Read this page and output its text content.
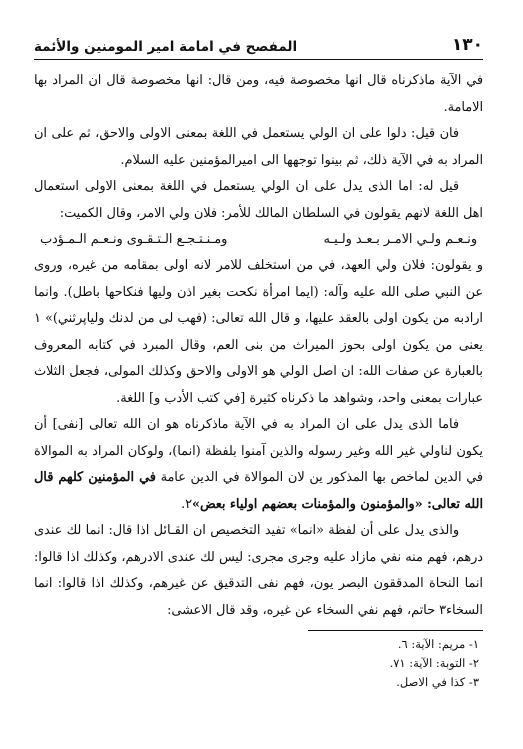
١٣٠
المفصح في امامة امير المومنين والأئمة

في الآية ماذكرناه قال انها مخصوصة فيه، ومن قال: انها مخصوصة قال ان المراد بها الامامة.

فان قيل: دلوا على ان الولي يستعمل في اللغة بمعنى الاولى والاحق، ثم على ان المراد به في الآية ذلك، ثم بينوا توجهها الى اميرالمؤمنين عليه السلام.

قيل له: اما الذى يدل على ان الولي يستعمل في اللغة بمعنى الاولى استعمال اهل اللغة لانهم يقولون في السلطان المالك للأمر: فلان ولي الامر، وقال الكميت:

ونـعـم ولـي الامـر بـعـد ولـيـه
ومـنـتـجـع الـتـقـوى ونـعـم الـمـؤدب

و يقولون: فلان ولي العهد، في من استخلف للامر لانه اولى بمقامه من غيره، وروى عن النبي صلى الله عليه وآله: (ايما امرأة نكحت بغير اذن وليها فنكاحها باطل). وانما ارادبه من يكون اولى بالعقد عليها، و قال الله تعالى: (فهب لى من لدنك ولياپرثني)» ١ يعنى من يكون اولى بحوز الميراث من بنى العم، وقال المبرد في كتابه المعروف بالعبارة عن صفات الله: ان اصل الولي هو الاولى والاحق وكذلك المولى، فجعل الثلاث عبارات بمعنى واحد، وشواهد ما ذكرناه كثيرة [في كتب الأدب و] اللغة.

فاما الذى يدل على ان المراد به في الآية ماذكرناه هو ان الله تعالى [نفى] أن يكون لناولي غير الله وغير رسوله والذين آمنوا بلفظة (انما)، ولوكان المراد به الموالاة في الدين لماخص بها المذكور ين لان الموالاة في الدين عامة في المؤمنين كلهم قال الله تعالى: «والمؤمنون والمؤمنات بعضهم اولياء بعض»٢.

والذى يدل على أن لفظة «انما» تفيد التخصيص ان القـائل اذا قال: انما لك عندى درهم، فهم منه نفي مازاد عليه وجرى مجرى: ليس لك عندى الادرهم، وكذلك اذا قالوا: انما النحاة المدققون البصر يون، فهم نفى التدقيق عن غيرهم، وكذلك اذا قالوا: انما السخاء٣ حاتم، فهم نفي السخاء عن غيره، وقد قال الاعشى:

١- مريم: الآية: ٦.
٢- التوبة: الآية: ٧١.
٣- كذا في الاصل.
